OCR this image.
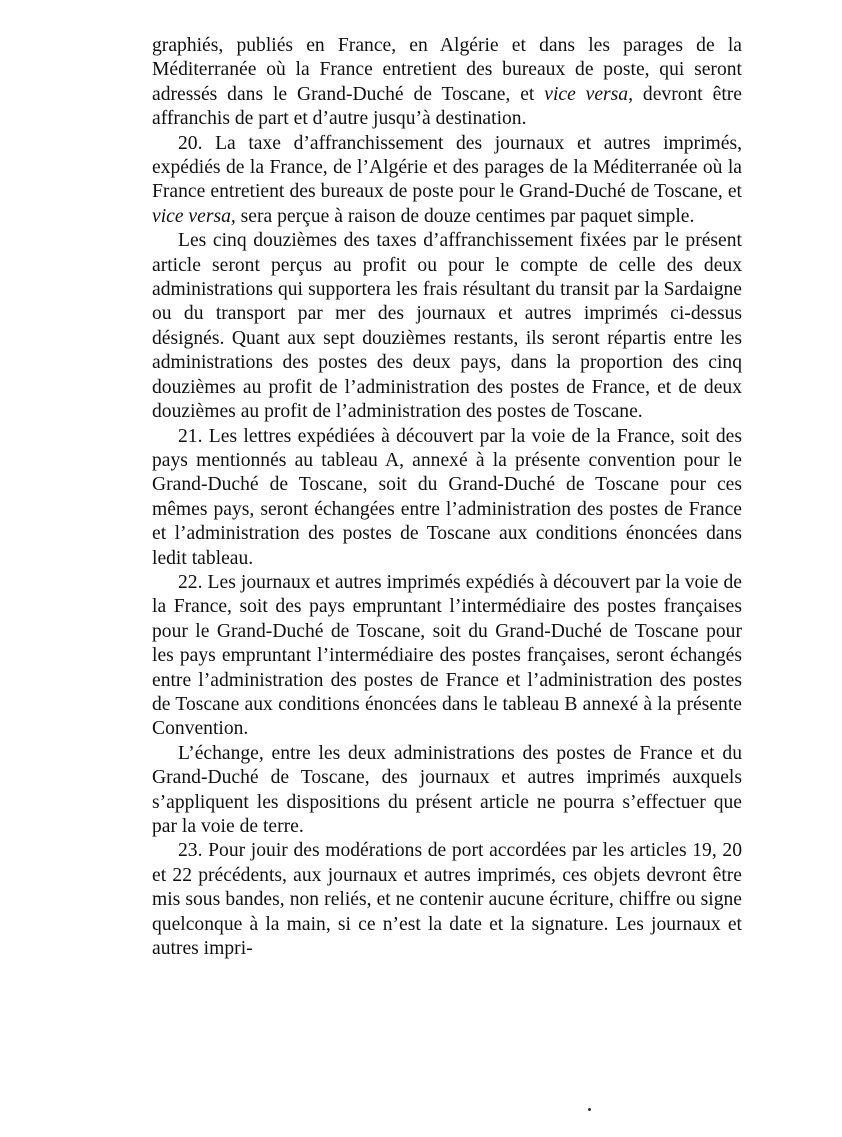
graphiés, publiés en France, en Algérie et dans les parages de la Méditerranée où la France entretient des bureaux de poste, qui seront adressés dans le Grand-Duché de Toscane, et vice versa, devront être affranchis de part et d’autre jusqu’à destination.

20. La taxe d’affranchissement des journaux et autres imprimés, expédiés de la France, de l’Algérie et des parages de la Méditerranée où la France entretient des bureaux de poste pour le Grand-Duché de Toscane, et vice versa, sera perçue à raison de douze centimes par paquet simple.

Les cinq douzièmes des taxes d’affranchissement fixées par le présent article seront perçus au profit ou pour le compte de celle des deux administrations qui supportera les frais résultant du transit par la Sardaigne ou du transport par mer des journaux et autres imprimés ci-dessus désignés. Quant aux sept douzièmes restants, ils seront répartis entre les administrations des postes des deux pays, dans la proportion des cinq douzièmes au profit de l’administration des postes de France, et de deux douzièmes au profit de l’administration des postes de Toscane.

21. Les lettres expédiées à découvert par la voie de la France, soit des pays mentionnés au tableau A, annexé à la présente convention pour le Grand-Duché de Toscane, soit du Grand-Duché de Toscane pour ces mêmes pays, seront échangées entre l’administration des postes de France et l’administration des postes de Toscane aux conditions énoncées dans ledit tableau.

22. Les journaux et autres imprimés expédiés à découvert par la voie de la France, soit des pays empruntant l’intermédiaire des postes françaises pour le Grand-Duché de Toscane, soit du Grand-Duché de Toscane pour les pays empruntant l’intermédiaire des postes françaises, seront échangés entre l’administration des postes de France et l’administration des postes de Toscane aux conditions énoncées dans le tableau B annexé à la présente Convention.

L’échange, entre les deux administrations des postes de France et du Grand-Duché de Toscane, des journaux et autres imprimés auxquels s’appliquent les dispositions du présent article ne pourra s’effectuer que par la voie de terre.

23. Pour jouir des modérations de port accordées par les articles 19, 20 et 22 précédents, aux journaux et autres imprimés, ces objets devront être mis sous bandes, non reliés, et ne contenir aucune écriture, chiffre ou signe quelconque à la main, si ce n’est la date et la signature. Les journaux et autres impri-
